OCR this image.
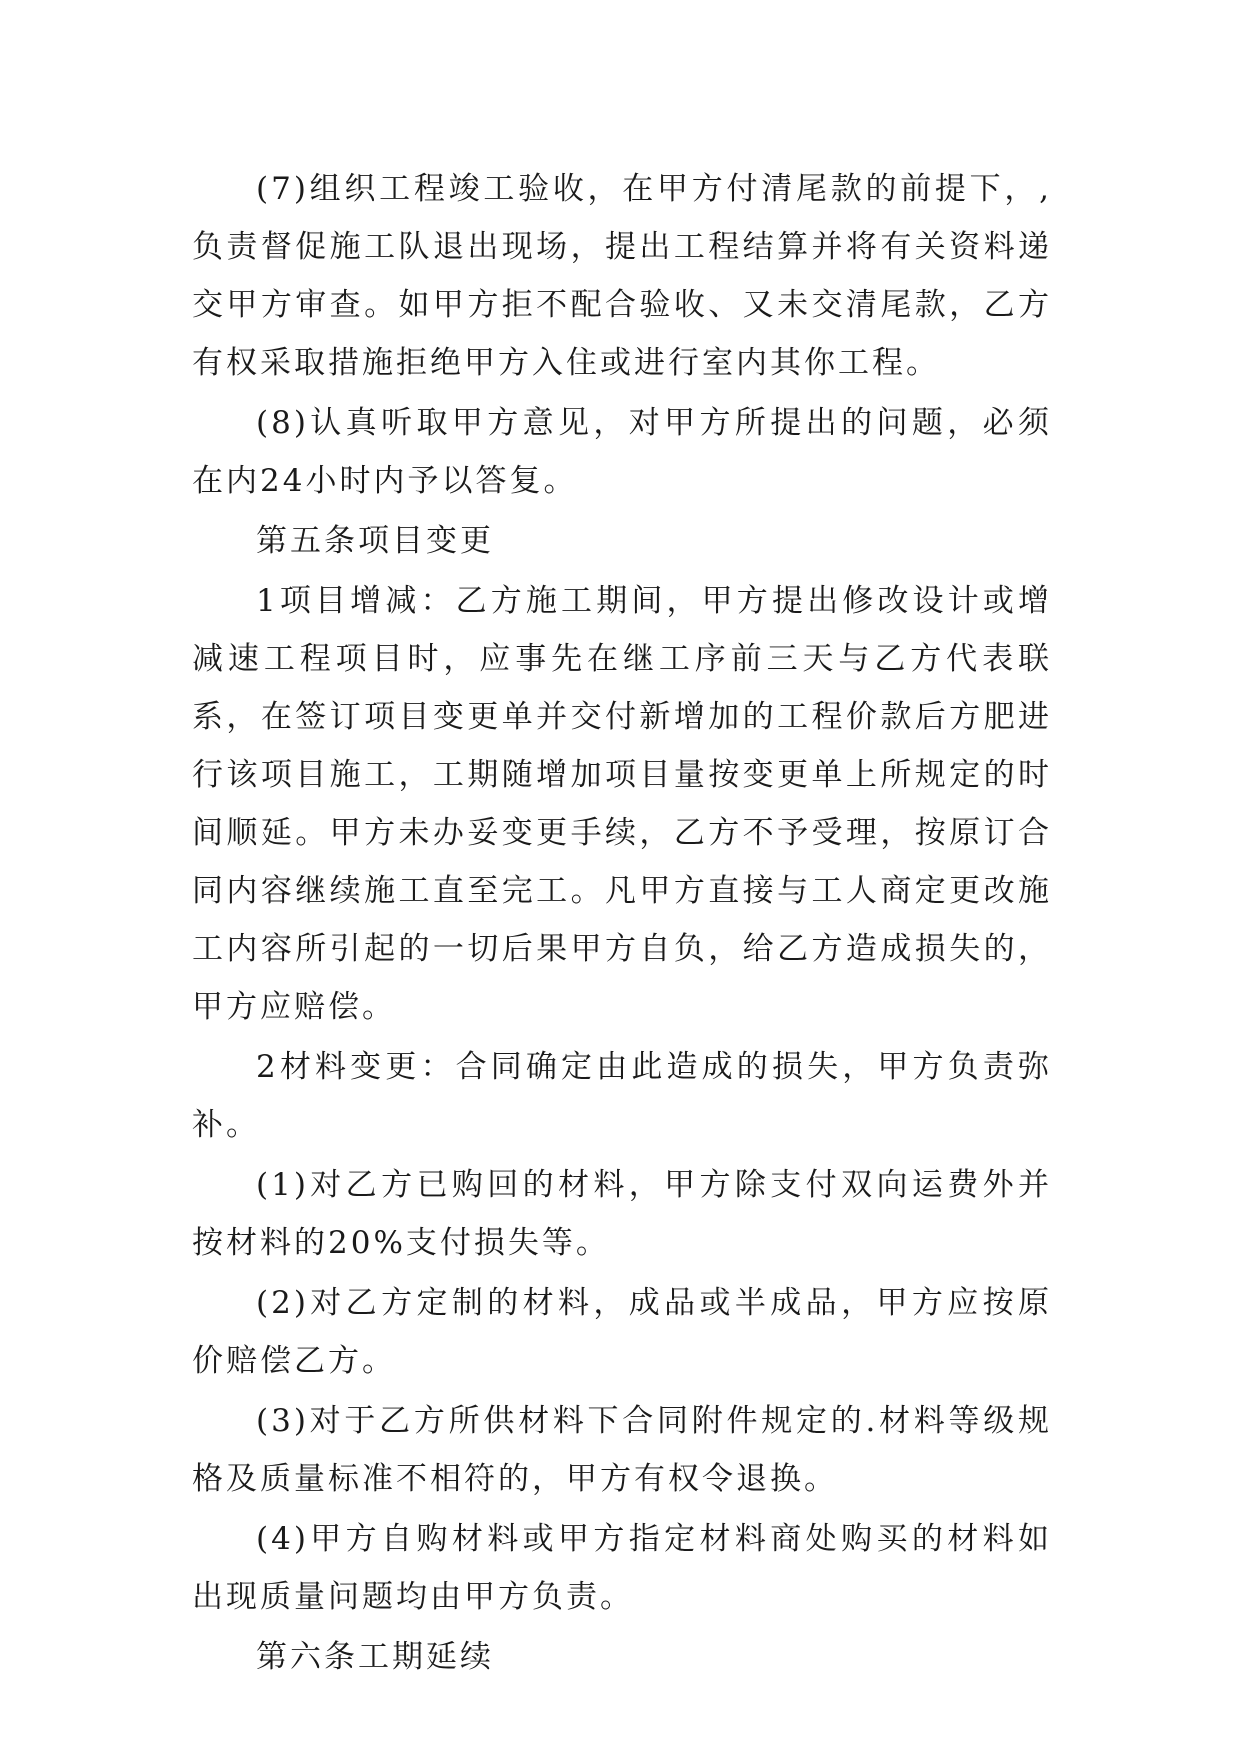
(7)组织工程竣工验收，在甲方付清尾款的前提下，,负责督促施工队退出现场，提出工程结算并将有关资料递交甲方审查。如甲方拒不配合验收、又未交清尾款，乙方有权采取措施拒绝甲方入住或进行室内其你工程。

(8)认真听取甲方意见，对甲方所提出的问题，必须在内24小时内予以答复。

第五条项目变更

1项目增减：乙方施工期间，甲方提出修改设计或增减速工程项目时，应事先在继工序前三天与乙方代表联系，在签订项目变更单并交付新增加的工程价款后方肥进行该项目施工，工期随增加项目量按变更单上所规定的时间顺延。甲方未办妥变更手续，乙方不予受理，按原订合同内容继续施工直至完工。凡甲方直接与工人商定更改施工内容所引起的一切后果甲方自负，给乙方造成损失的，甲方应赔偿。

2材料变更：合同确定由此造成的损失，甲方负责弥补。

(1)对乙方已购回的材料，甲方除支付双向运费外并按材料的20%支付损失等。

(2)对乙方定制的材料，成品或半成品，甲方应按原价赔偿乙方。

(3)对于乙方所供材料下合同附件规定的.材料等级规格及质量标准不相符的，甲方有权令退换。

(4)甲方自购材料或甲方指定材料商处购买的材料如出现质量问题均由甲方负责。

第六条工期延续
